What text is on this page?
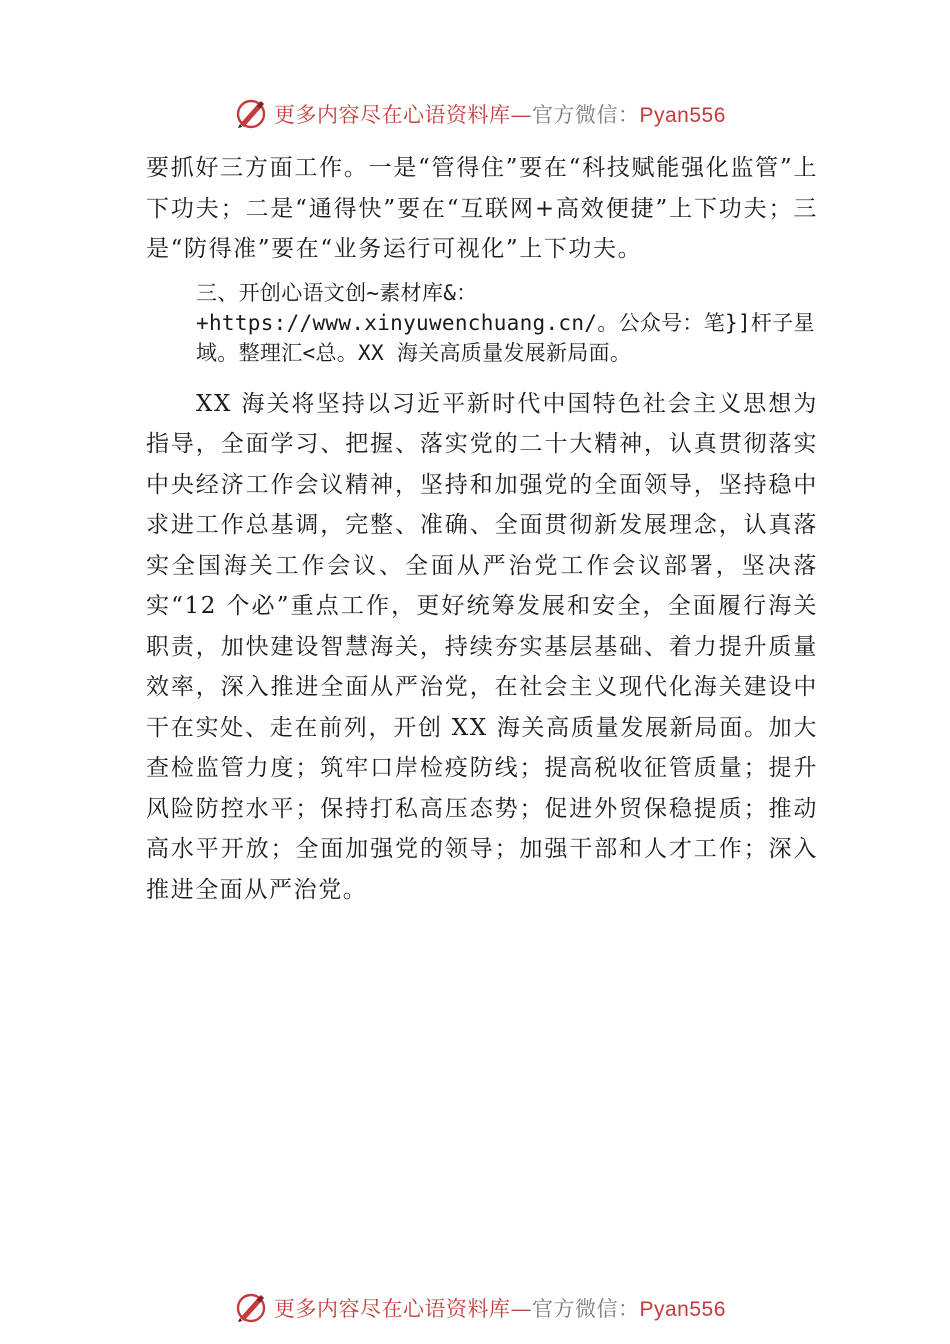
更多内容尽在心语资料库—官方微信：Pyan556

要抓好三方面工作。一是“管得住”要在“科技赋能强化监管”上下功夫；二是“通得快”要在“互联网+高效便捷”上下功夫；三是“防得准”要在“业务运行可视化”上下功夫。

三、开创心语文创~素材库&：+https://www.xinyuwenchuang.cn/。公众号：笔}]杆子星域。整理汇<总。XX 海关高质量发展新局面。

XX 海关将坚持以习近平新时代中国特色社会主义思想为指导，全面学习、把握、落实党的二十大精神，认真贯彻落实中央经济工作会议精神，坚持和加强党的全面领导，坚持稳中求进工作总基调，完整、准确、全面贯彻新发展理念，认真落实全国海关工作会议、全面从严治党工作会议部署，坚决落实“12 个必”重点工作，更好统筹发展和安全，全面履行海关职责，加快建设智慧海关，持续夯实基层基础、着力提升质量效率，深入推进全面从严治党，在社会主义现代化海关建设中干在实处、走在前列，开创 XX 海关高质量发展新局面。加大查检监管力度；筑牢口岸检疫防线；提高税收征管质量；提升风险防控水平；保持打私高压态势；促进外贸保稳提质；推动高水平开放；全面加强党的领导；加强干部和人才工作；深入推进全面从严治党。

更多内容尽在心语资料库—官方微信：Pyan556
